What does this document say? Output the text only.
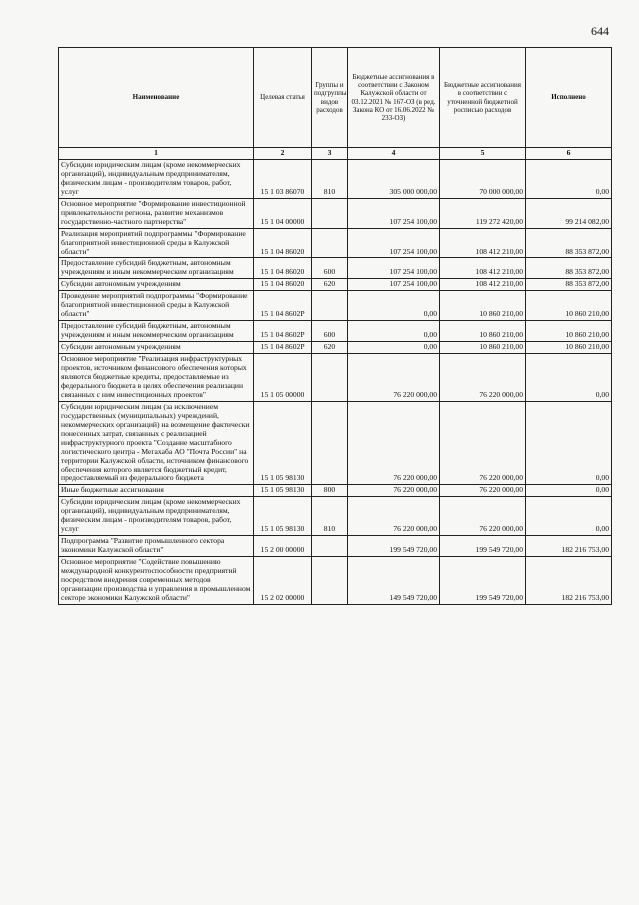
644
Наименование	Целевая статья	Группы и подгруппы видов расходов	Бюджетные ассигнования в соответствии с Законом Калужской области от 03.12.2021 № 167-ОЗ (в ред. Закона КО от 16.06.2022 № 233-ОЗ)	Бюджетные ассигнования в соответствии с уточненной бюджетной росписью расходов	Исполнено
1	2	3	4	5	6
Субсидии юридическим лицам (кроме некоммерческих организаций), индивидуальным предпринимателям, физическим лицам - производителям товаров, работ, услуг	15 1 03 86070	810	305 000 000,00	70 000 000,00	0,00
Основное мероприятие "Формирование инвестиционной привлекательности региона, развитие механизмов государственно-частного партнерства"	15 1 04 00000		107 254 100,00	119 272 420,00	99 214 082,00
Реализация мероприятий подпрограммы "Формирование благоприятной инвестиционной среды в Калужской области"	15 1 04 86020		107 254 100,00	108 412 210,00	88 353 872,00
Предоставление субсидий бюджетным, автономным учреждениям и иным некоммерческим организациям	15 1 04 86020	600	107 254 100,00	108 412 210,00	88 353 872,00
Субсидии автономным учреждениям	15 1 04 86020	620	107 254 100,00	108 412 210,00	88 353 872,00
Проведение мероприятий подпрограммы "Формирование благоприятной инвестиционной среды в Калужской области"	15 1 04 8602Р		0,00	10 860 210,00	10 860 210,00
Предоставление субсидий бюджетным, автономным учреждениям и иным некоммерческим организациям	15 1 04 8602Р	600	0,00	10 860 210,00	10 860 210,00
Субсидии автономным учреждениям	15 1 04 8602Р	620	0,00	10 860 210,00	10 860 210,00
Основное мероприятие "Реализация инфраструктурных проектов, источником финансового обеспечения которых являются бюджетные кредиты, предоставляемые из федерального бюджета в целях обеспечения реализации связанных с ним инвестиционных проектов"	15 1 05 00000		76 220 000,00	76 220 000,00	0,00
Субсидии юридическим лицам (за исключением государственных (муниципальных) учреждений, некоммерческих организаций) на возмещение фактически понесенных затрат, связанных с реализацией инфраструктурного проекта "Создание масштабного логистического центра - Мегахаба АО "Почта России" на территории Калужской области, источником финансового обеспечения которого является бюджетный кредит, предоставляемый из федерального бюджета	15 1 05 98130		76 220 000,00	76 220 000,00	0,00
Иные бюджетные ассигнования	15 1 05 98130	800	76 220 000,00	76 220 000,00	0,00
Субсидии юридическим лицам (кроме некоммерческих организаций), индивидуальным предпринимателям, физическим лицам - производителям товаров, работ, услуг	15 1 05 98130	810	76 220 000,00	76 220 000,00	0,00
Подпрограмма "Развитие промышленного сектора экономики Калужской области"	15 2 00 00000		199 549 720,00	199 549 720,00	182 216 753,00
Основное мероприятие "Содействие повышению международной конкурентоспособности предприятий посредством внедрения современных методов организации производства и управления в промышленном секторе экономики Калужской области"	15 2 02 00000		149 549 720,00	199 549 720,00	182 216 753,00
